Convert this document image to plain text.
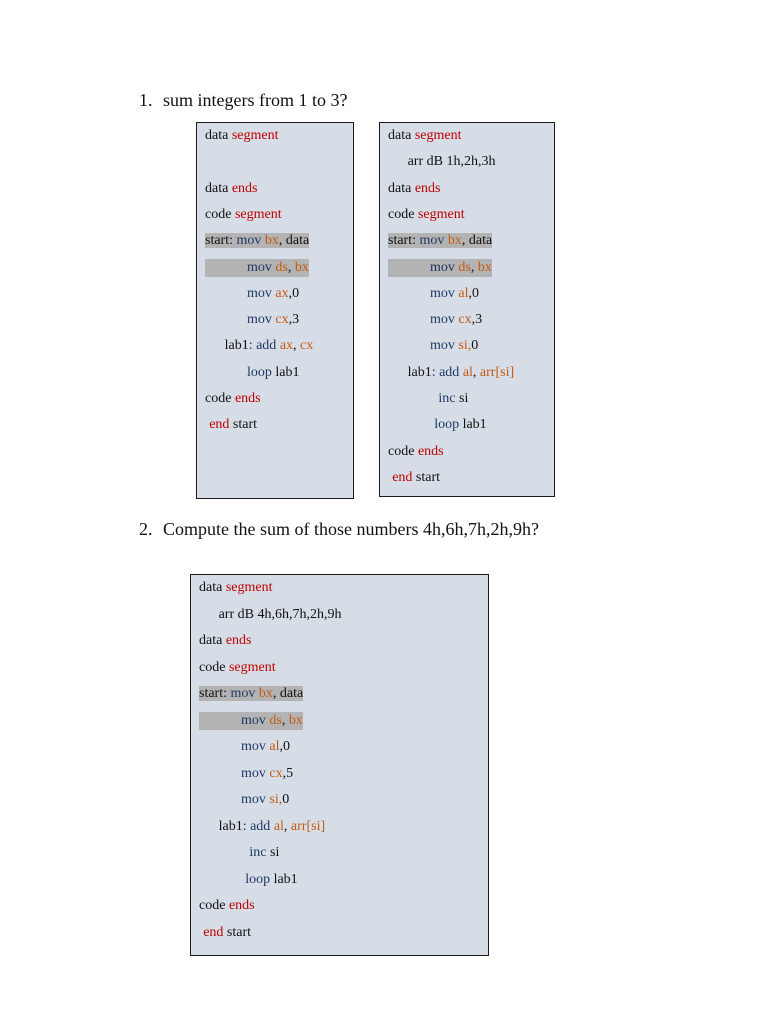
1. sum integers from 1 to 3?
data segment
data ends
code segment
start: mov bx, data
mov ds, bx
mov ax,0
mov cx,3
lab1: add ax, cx
loop lab1
code ends
end start
data segment
arr dB 1h,2h,3h
data ends
code segment
start: mov bx, data
mov ds, bx
mov al,0
mov cx,3
mov si,0
lab1: add al, arr[si]
inc si
loop lab1
code ends
end start
2. Compute the sum of those numbers 4h,6h,7h,2h,9h?
data segment
arr dB 4h,6h,7h,2h,9h
data ends
code segment
start: mov bx, data
mov ds, bx
mov al,0
mov cx,5
mov si,0
lab1: add al, arr[si]
inc si
loop lab1
code ends
end start
